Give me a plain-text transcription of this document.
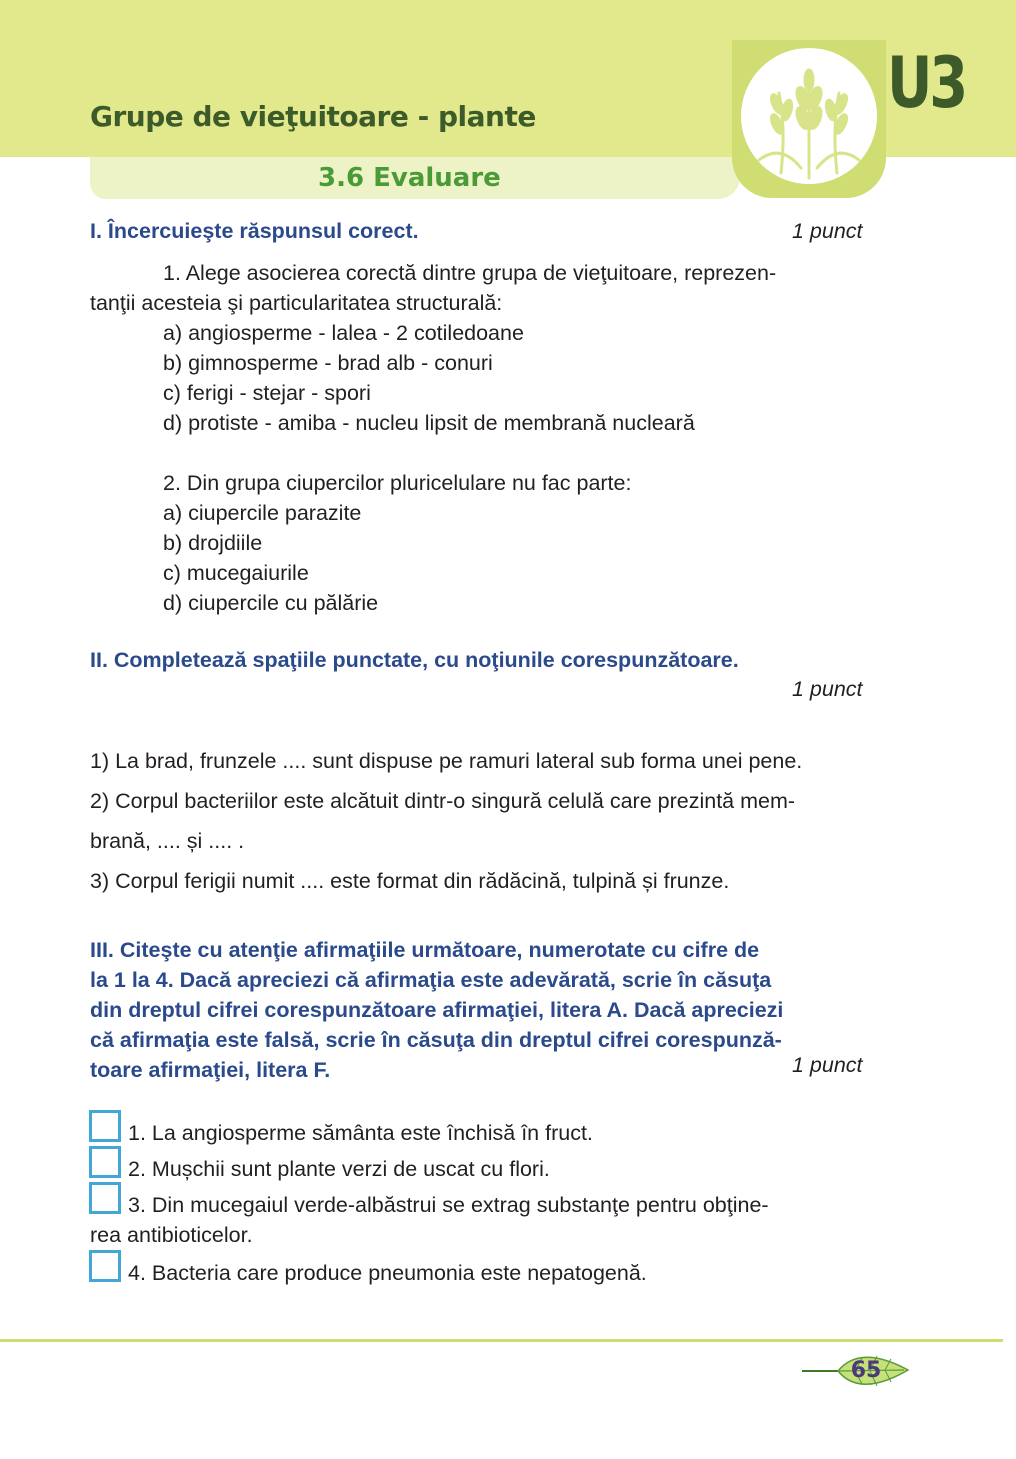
Grupe de vieţuitoare - plante
3.6 Evaluare
U3
I. Încercuieşte răspunsul corect.	1 punct
1. Alege asocierea corectă dintre grupa de vieţuitoare, reprezen-
tanţii acesteia şi particularitatea structurală:
a) angiosperme - lalea - 2 cotiledoane
b) gimnosperme - brad alb - conuri
c) ferigi - stejar - spori
d) protiste - amiba - nucleu lipsit de membrană nucleară
2. Din grupa ciupercilor pluricelulare nu fac parte:
a) ciupercile parazite
b) drojdiile
c) mucegaiurile
d) ciupercile cu pălărie
II. Completează spaţiile punctate, cu noţiunile corespunzătoare.
1 punct
1) La brad, frunzele .... sunt dispuse pe ramuri lateral sub forma unei pene.
2) Corpul bacteriilor este alcătuit dintr-o singură celulă care prezintă mem-
brană, .... și .... .
3) Corpul ferigii numit .... este format din rădăcină, tulpină și frunze.
III. Citeşte cu atenţie afirmaţiile următoare, numerotate cu cifre de
la 1 la 4. Dacă apreciezi că afirmaţia este adevărată, scrie în căsuţa
din dreptul cifrei corespunzătoare afirmaţiei, litera A. Dacă apreciezi
că afirmaţia este falsă, scrie în căsuţa din dreptul cifrei corespunză-
toare afirmaţiei, litera F.	1 punct
1. La angiosperme sământa este închisă în fruct.
2. Mușchii sunt plante verzi de uscat cu flori.
3. Din mucegaiul verde-albăstrui se extrag substanţe pentru obţine-
rea antibioticelor.
4. Bacteria care produce pneumonia este nepatogenă.
65
